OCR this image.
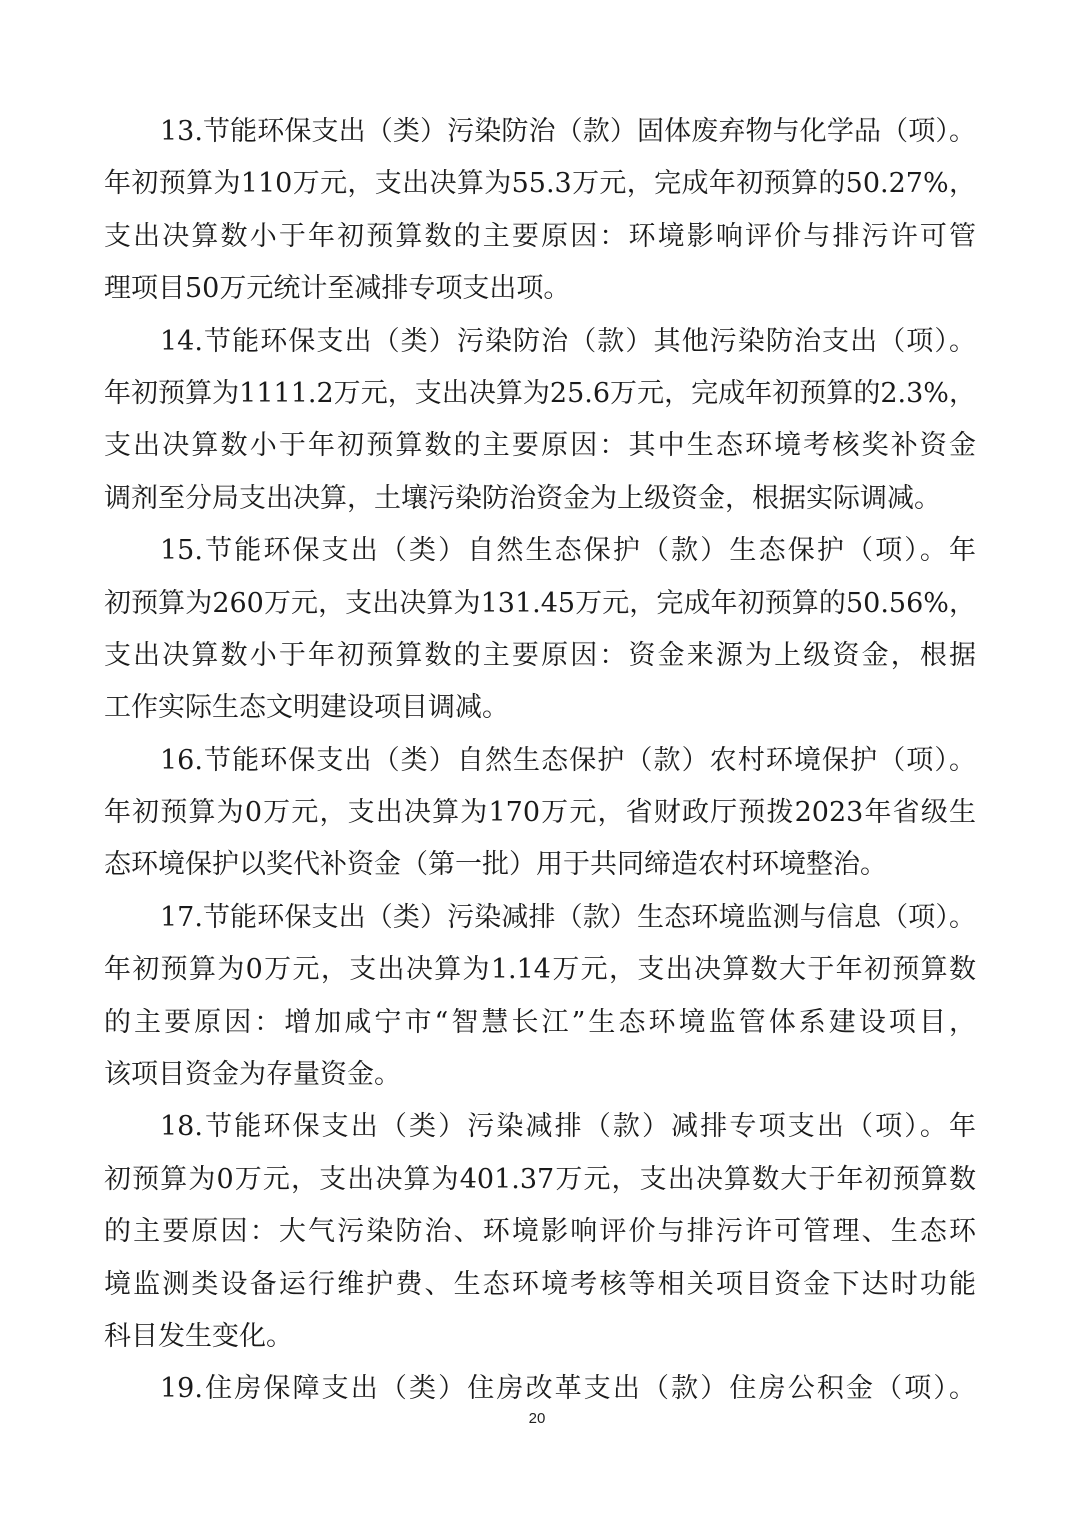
13.节能环保支出（类）污染防治（款）固体废弃物与化学品（项）。
年初预算为110万元，支出决算为55.3万元，完成年初预算的50.27%，
支出决算数小于年初预算数的主要原因：环境影响评价与排污许可管
理项目50万元统计至减排专项支出项。
14.节能环保支出（类）污染防治（款）其他污染防治支出（项）。
年初预算为1111.2万元，支出决算为25.6万元，完成年初预算的2.3%，
支出决算数小于年初预算数的主要原因：其中生态环境考核奖补资金
调剂至分局支出决算，土壤污染防治资金为上级资金，根据实际调减。
15.节能环保支出（类）自然生态保护（款）生态保护（项）。年
初预算为260万元，支出决算为131.45万元，完成年初预算的50.56%，
支出决算数小于年初预算数的主要原因：资金来源为上级资金，根据
工作实际生态文明建设项目调减。
16.节能环保支出（类）自然生态保护（款）农村环境保护（项）。
年初预算为0万元，支出决算为170万元，省财政厅预拨2023年省级生
态环境保护以奖代补资金（第一批）用于共同缔造农村环境整治。
17.节能环保支出（类）污染减排（款）生态环境监测与信息（项）。
年初预算为0万元，支出决算为1.14万元，支出决算数大于年初预算数
的主要原因：增加咸宁市“智慧长江”生态环境监管体系建设项目，
该项目资金为存量资金。
18.节能环保支出（类）污染减排（款）减排专项支出（项）。年
初预算为0万元，支出决算为401.37万元，支出决算数大于年初预算数
的主要原因：大气污染防治、环境影响评价与排污许可管理、生态环
境监测类设备运行维护费、生态环境考核等相关项目资金下达时功能
科目发生变化。
19.住房保障支出（类）住房改革支出（款）住房公积金（项）。
20
